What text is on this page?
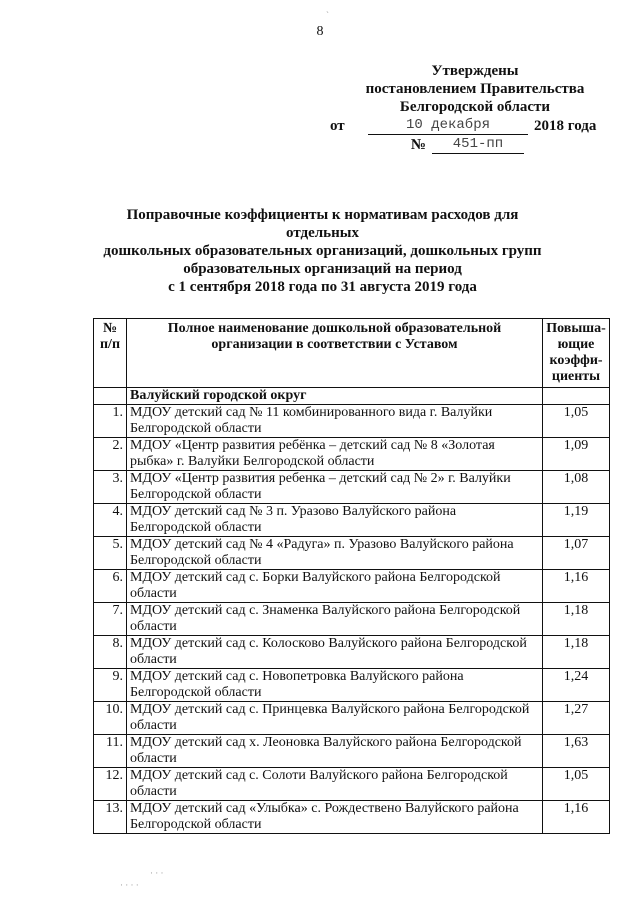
8
Утверждены
постановлением Правительства
Белгородской области
от	10 декабря	2018 года
№	451-пп
Поправочные коэффициенты к нормативам расходов для отдельных
дошкольных образовательных организаций, дошкольных групп
образовательных организаций на период
с 1 сентября 2018 года по 31 августа 2019 года
№ п/п	Полное наименование дошкольной образовательной организации в соответствии с Уставом	Повыша-ющие коэффи-циенты
	Валуйский городской округ	
1.	МДОУ детский сад № 11 комбинированного вида г. Валуйки Белгородской области	1,05
2.	МДОУ «Центр развития ребёнка – детский сад № 8 «Золотая рыбка» г. Валуйки Белгородской области	1,09
3.	МДОУ «Центр развития ребенка – детский сад № 2» г. Валуйки Белгородской области	1,08
4.	МДОУ детский сад № 3 п. Уразово Валуйского района Белгородской области	1,19
5.	МДОУ детский сад № 4 «Радуга» п. Уразово Валуйского района Белгородской области	1,07
6.	МДОУ детский сад с. Борки Валуйского района Белгородской области	1,16
7.	МДОУ детский сад с. Знаменка Валуйского района Белгородской области	1,18
8.	МДОУ детский сад с. Колосково Валуйского района Белгородской области	1,18
9.	МДОУ детский сад с. Новопетровка Валуйского района Белгородской области	1,24
10.	МДОУ детский сад с. Принцевка Валуйского района Белгородской области	1,27
11.	МДОУ детский сад х. Леоновка Валуйского района Белгородской области	1,63
12.	МДОУ детский сад с. Солоти Валуйского района Белгородской области	1,05
13.	МДОУ детский сад «Улыбка» с. Рождествено Валуйского района Белгородской области	1,16
ˋ
· · ·
· · · ·
